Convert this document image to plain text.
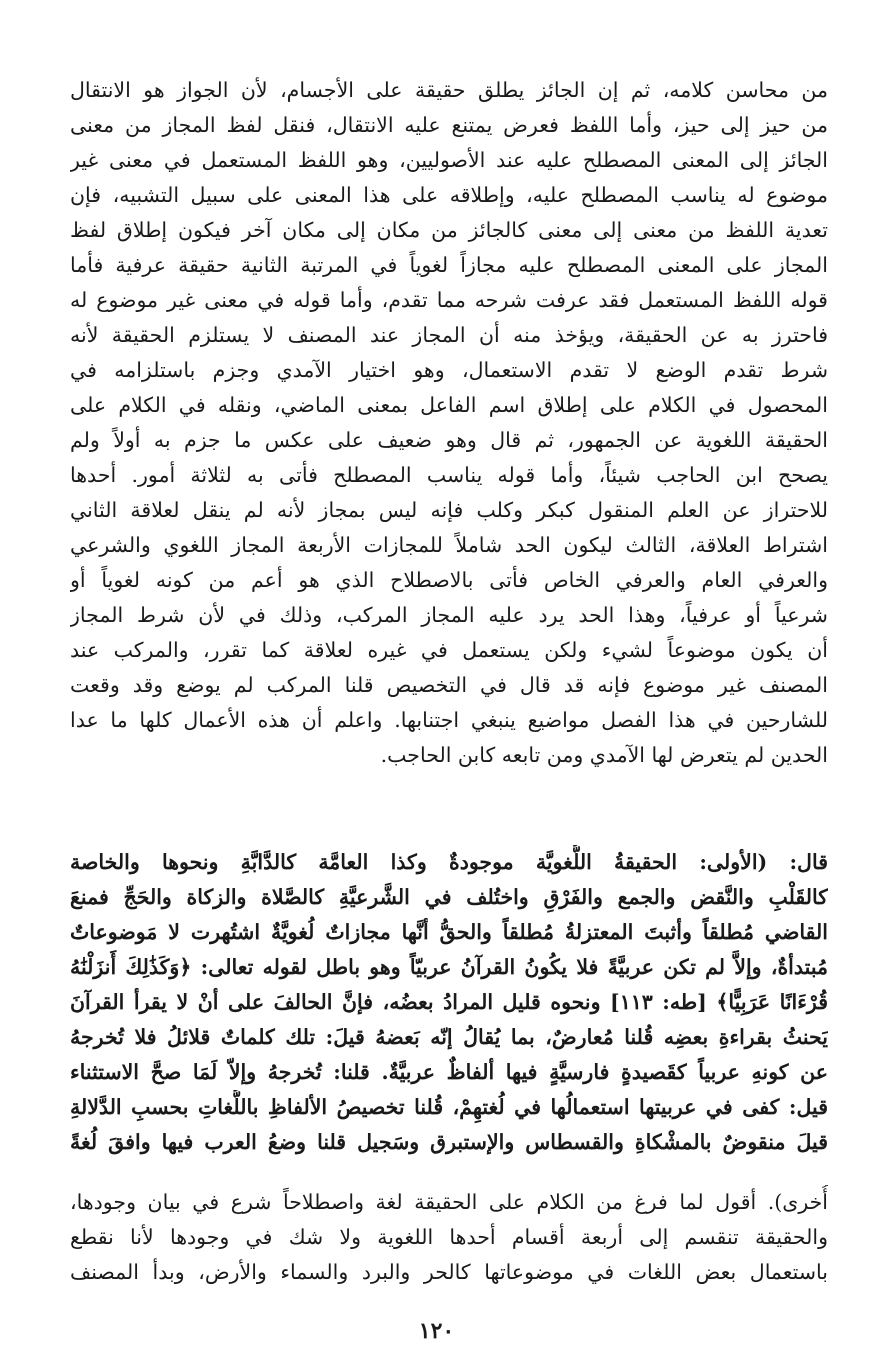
من محاسن كلامه، ثم إن الجائز يطلق حقيقة على الأجسام، لأن الجواز هو الانتقال
من حيز إلى حيز، وأما اللفظ فعرض يمتنع عليه الانتقال، فنقل لفظ المجاز من معنى
الجائز إلى المعنى المصطلح عليه عند الأصوليين، وهو اللفظ المستعمل في معنى غير
موضوع له يناسب المصطلح عليه، وإطلاقه على هذا المعنى على سبيل التشبيه، فإن
تعدية اللفظ من معنى إلى معنى كالجائز من مكان إلى مكان آخر فيكون إطلاق لفظ
المجاز على المعنى المصطلح عليه مجازاً لغوياً في المرتبة الثانية حقيقة عرفية فأما
قوله اللفظ المستعمل فقد عرفت شرحه مما تقدم، وأما قوله في معنى غير موضوع له
فاحترز به عن الحقيقة، ويؤخذ منه أن المجاز عند المصنف لا يستلزم الحقيقة لأنه
شرط تقدم الوضع لا تقدم الاستعمال، وهو اختيار الآمدي وجزم باستلزامه في
المحصول في الكلام على إطلاق اسم الفاعل بمعنى الماضي، ونقله في الكلام على
الحقيقة اللغوية عن الجمهور، ثم قال وهو ضعيف على عكس ما جزم به أولاً ولم
يصحح ابن الحاجب شيئاً، وأما قوله يناسب المصطلح فأتى به لثلاثة أمور. أحدها
للاحتراز عن العلم المنقول كبكر وكلب فإنه ليس بمجاز لأنه لم ينقل لعلاقة الثاني
اشتراط العلاقة، الثالث ليكون الحد شاملاً للمجازات الأربعة المجاز اللغوي والشرعي
والعرفي العام والعرفي الخاص فأتى بالاصطلاح الذي هو أعم من كونه لغوياً أو
شرعياً أو عرفياً، وهذا الحد يرد عليه المجاز المركب، وذلك في لأن شرط المجاز
أن يكون موضوعاً لشيء ولكن يستعمل في غيره لعلاقة كما تقرر، والمركب عند
المصنف غير موضوع فإنه قد قال في التخصيص قلنا المركب لم يوضع وقد وقعت
للشارحين في هذا الفصل مواضيع ينبغي اجتنابها. واعلم أن هذه الأعمال كلها ما عدا
الحدين لم يتعرض لها الآمدي ومن تابعه كابن الحاجب.
قال: (الأولى: الحقيقةُ اللُّغويَّة موجودةٌ وكذا العامَّة كالدَّابَّةِ ونحوها والخاصة
كالقَلْبِ والنَّقض والجمع والفَرْقِ واختُلف في الشَّرعيَّةِ كالصَّلاة والزكاة والحَجِّ فمنعَ
القاضي مُطلقاً وأثبتَ المعتزلةُ مُطلقاً والحقُّ أنَّها مجازاتٌ لُغويَّةٌ اشتُهرت لا مَوضوعاتٌ
مُبتدأةٌ، وإلاَّ لم تكن عربيَّةً فلا يكُونُ القرآنُ عربيّاً وهو باطل لقوله تعالى: ﴿وَكَذَٰلِكَ أَنزَلْنَٰهُ
قُرْءَانًا عَرَبِيًّا﴾ [طه: ١١٣] ونحوه قليل المرادُ بعضُه، فإنَّ الحالفَ على أنْ لا يقرأ القرآنَ
يَحنثُ بقراءةِ بعضِه قُلنا مُعارضٌ، بما يُقالُ إنّه بَعضهُ قيلَ: تلك كلماتٌ قلائلُ فلا تُخرجهُ
عن كونهِ عربياً كقَصيدةٍ فارسيَّةٍ فيها ألفاظٌ عربيَّةٌ. قلنا: تُخرجهُ وإلاّ لَمَا صحَّ الاستثناء
قيل: كفى في عربيتها استعمالُها في لُغتهِمْ، قُلنا تخصيصُ الألفاظِ باللُّغاتِ بحسبِ الدَّلالةِ
قيلَ منقوضٌ بالمشْكاةِ والقسطاس والإستبرق وسَجيل قلنا وضعُ العرب فيها وافقَ لُغةً
أُخرى). أقول لما فرغ من الكلام على الحقيقة لغة واصطلاحاً شرع في بيان وجودها،
والحقيقة تنقسم إلى أربعة أقسام أحدها اللغوية ولا شك في وجودها لأنا نقطع
باستعمال بعض اللغات في موضوعاتها كالحر والبرد والسماء والأرض، وبدأ المصنف
١٢٠
